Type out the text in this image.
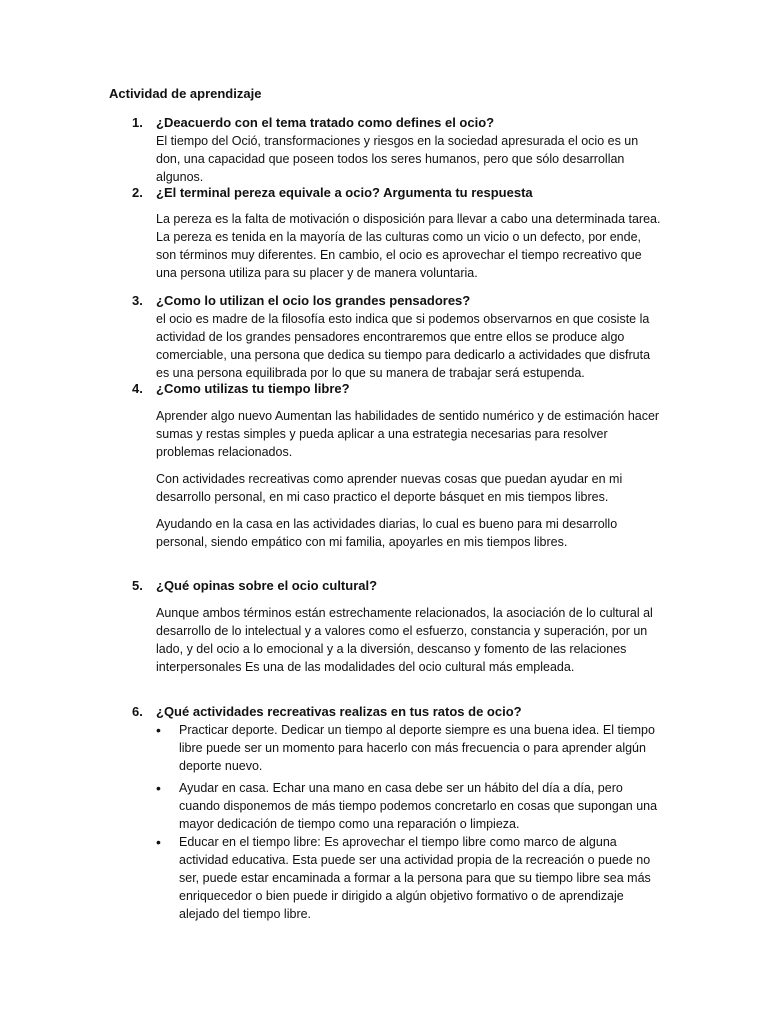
Actividad de aprendizaje
1. ¿Deacuerdo con el tema tratado como defines el ocio?

El tiempo del Oció, transformaciones y riesgos en la sociedad apresurada el ocio es un don, una capacidad que poseen todos los seres humanos, pero que sólo desarrollan algunos.

2. ¿El terminal pereza equivale a ocio? Argumenta tu respuesta

La pereza es la falta de motivación o disposición para llevar a cabo una determinada tarea. La pereza es tenida en la mayoría de las culturas como un vicio o un defecto, por ende, son términos muy diferentes. En cambio, el ocio es aprovechar el tiempo recreativo que una persona utiliza para su placer y de manera voluntaria.

3. ¿Como lo utilizan el ocio los grandes pensadores?

el ocio es madre de la filosofía esto indica que si podemos observarnos en que cosiste la actividad de los grandes pensadores encontraremos que entre ellos se produce algo comerciable, una persona que dedica su tiempo para dedicarlo a actividades que disfruta es una persona equilibrada por lo que su manera de trabajar será estupenda.

4. ¿Como utilizas tu tiempo libre?

Aprender algo nuevo Aumentan las habilidades de sentido numérico y de estimación hacer sumas y restas simples y pueda aplicar a una estrategia necesarias para resolver problemas relacionados.

Con actividades recreativas como aprender nuevas cosas que puedan ayudar en mi desarrollo personal, en mi caso practico el deporte básquet en mis tiempos libres.

Ayudando en la casa en las actividades diarias, lo cual es bueno para mi desarrollo personal, siendo empático con mi familia, apoyarles en mis tiempos libres.

5. ¿Qué opinas sobre el ocio cultural?

Aunque ambos términos están estrechamente relacionados, la asociación de lo cultural al desarrollo de lo intelectual y a valores como el esfuerzo, constancia y superación, por un lado, y del ocio a lo emocional y a la diversión, descanso y fomento de las relaciones interpersonales Es una de las modalidades del ocio cultural más empleada.

6. ¿Qué actividades recreativas realizas en tus ratos de ocio?
• Practicar deporte. Dedicar un tiempo al deporte siempre es una buena idea. El tiempo libre puede ser un momento para hacerlo con más frecuencia o para aprender algún deporte nuevo.

• Ayudar en casa. Echar una mano en casa debe ser un hábito del día a día, pero cuando disponemos de más tiempo podemos concretarlo en cosas que supongan una mayor dedicación de tiempo como una reparación o limpieza.

• Educar en el tiempo libre: Es aprovechar el tiempo libre como marco de alguna actividad educativa. Esta puede ser una actividad propia de la recreación o puede no ser, puede estar encaminada a formar a la persona para que su tiempo libre sea más enriquecedor o bien puede ir dirigido a algún objetivo formativo o de aprendizaje alejado del tiempo libre.
